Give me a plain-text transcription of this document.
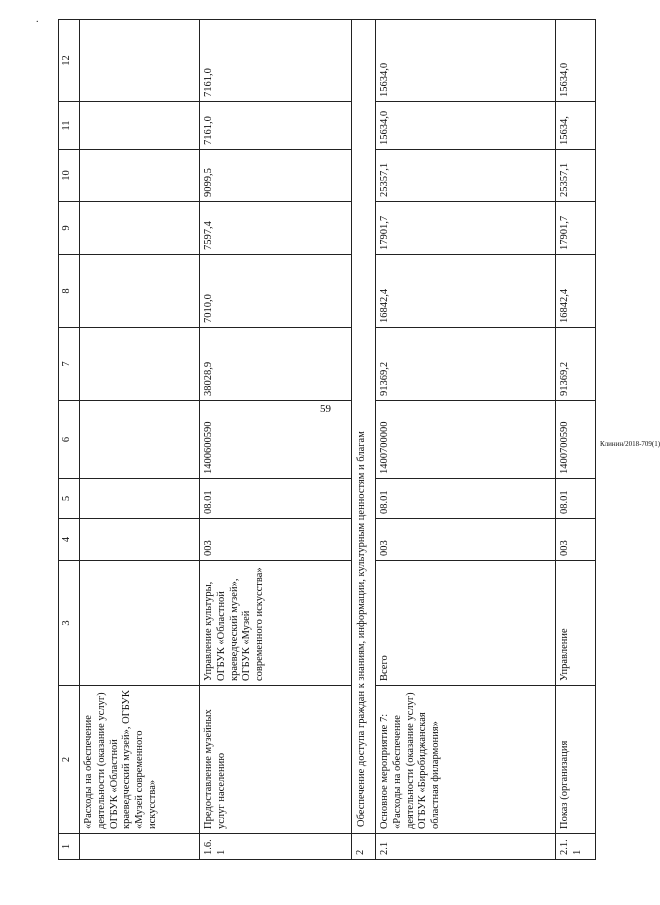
.
59
Клинин/2018-709(1)
1	2	3	4	5	6	7	8	9	10	11	12
	«Расходы на обеспечение деятельности (оказание услуг) ОГБУК «Областной краеведческий музей», ОГБУК «Музей современного искусства»										
1.6.1	Предоставление музейных услуг населению	Управление культуры, ОГБУК «Областной краеведческий музей», ОГБУК «Музей современного искусства»	003	08.01	1400600590	38028,9	7010,0	7597,4	9099,5	7161,0	7161,0
2	Обеспечение доступа граждан к знаниям, информации, культурным ценностям и благам										
2.1	Основное мероприятие 7: «Расходы на обеспечение деятельности (оказание услуг) ОГБУК «Биробиджанская областная филармония»	Всего	003	08.01	1400700000	91369,2	16842,4	17901,7	25357,1	15634,0	15634,0
2.1.1	Показ (организация	Управление	003	08.01	1400700590	91369,2	16842,4	17901,7	25357,1	15634,	15634,0
